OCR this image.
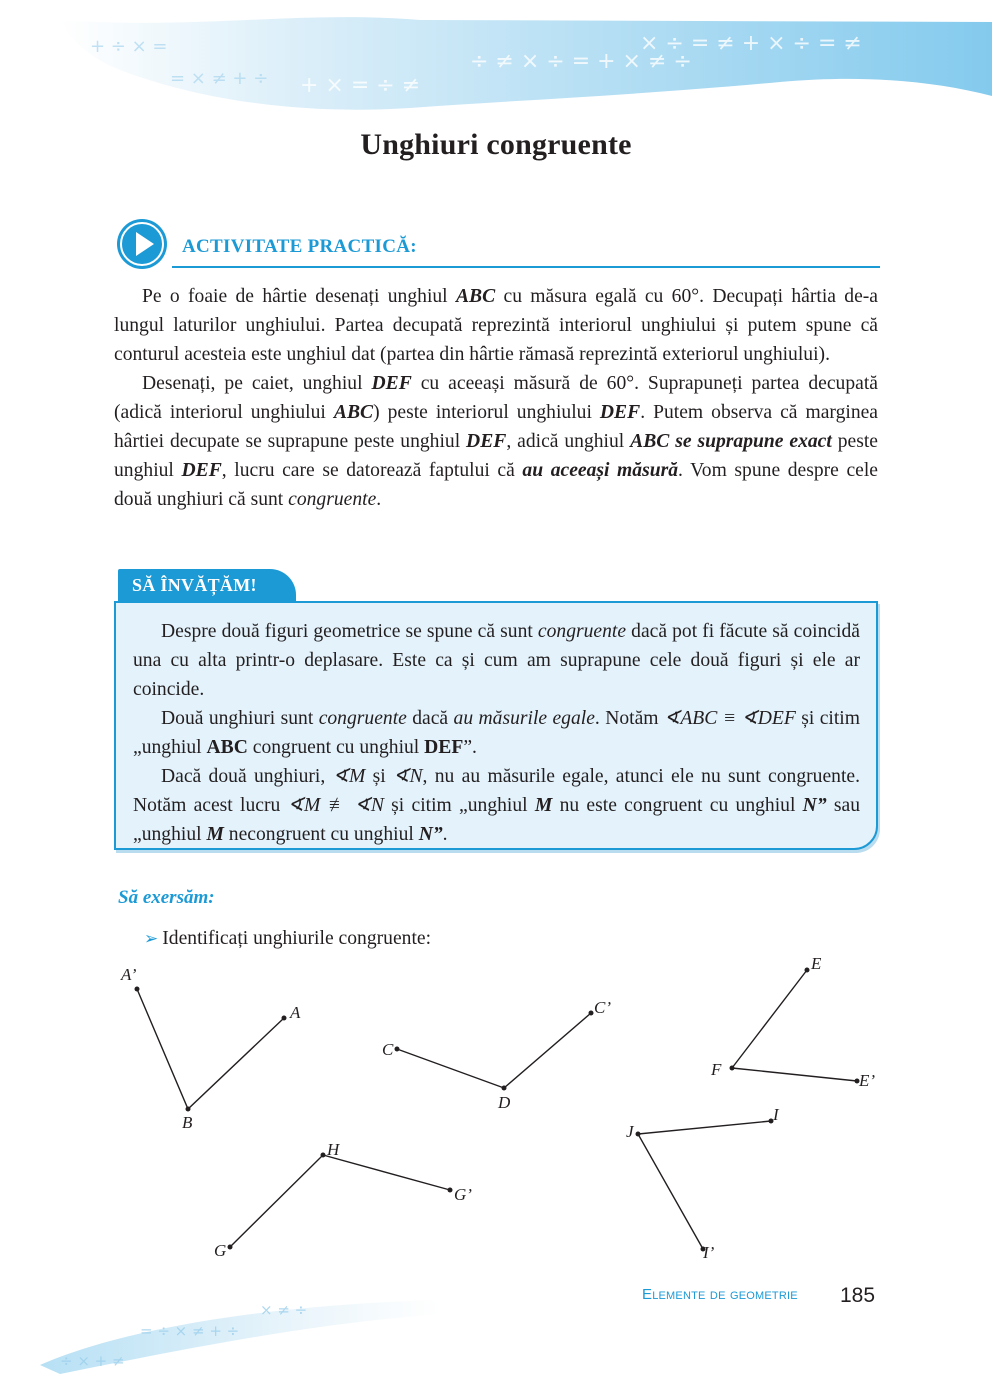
÷ ≠ × ÷ = + × ≠ ÷
× ÷ = ≠ + × ÷ = ≠
+ × = ÷ ≠
+ ÷ × =
= × ≠ + ÷
Unghiuri congruente
ACTIVITATE PRACTICĂ:

Pe o foaie de hârtie desenați unghiul ABC cu măsura egală cu 60°. Decupați hârtia de-a lungul laturilor unghiului. Partea decupată reprezintă interiorul unghiului și putem spune că conturul acesteia este unghiul dat (partea din hârtie rămasă reprezintă exteriorul unghiului).

Desenați, pe caiet, unghiul DEF cu aceeași măsură de 60°. Suprapuneți partea decupată (adică interiorul unghiului ABC) peste interiorul unghiului DEF. Putem observa că marginea hârtiei decupate se suprapune peste unghiul DEF, adică unghiul ABC se suprapune exact peste unghiul DEF, lucru care se datorează faptului că au aceeași măsură. Vom spune despre cele două unghiuri că sunt congruente.

SĂ ÎNVĂȚĂM!

Despre două figuri geometrice se spune că sunt congruente dacă pot fi făcute să coincidă una cu alta printr-o deplasare. Este ca și cum am suprapune cele două figuri și ele ar coincide.

Două unghiuri sunt congruente dacă au măsurile egale. Notăm ∢ABC ≡ ∢DEF și citim „unghiul ABC congruent cu unghiul DEF”.

Dacă două unghiuri, ∢M și ∢N, nu au măsurile egale, atunci ele nu sunt congruente. Notăm acest lucru ∢M ≢ ∢N și citim „unghiul M nu este congruent cu unghiul N” sau „unghiul M necongruent cu unghiul N”.

Să exersăm:
➢ Identificați unghiurile congruente:
A’
A
B
C
C’
D
E
F
E’
H
G’
G
I
J
I’
÷ × + ≠
= ÷ × ≠ + ÷
× ≠ ÷
Elemente de geometrie 185
